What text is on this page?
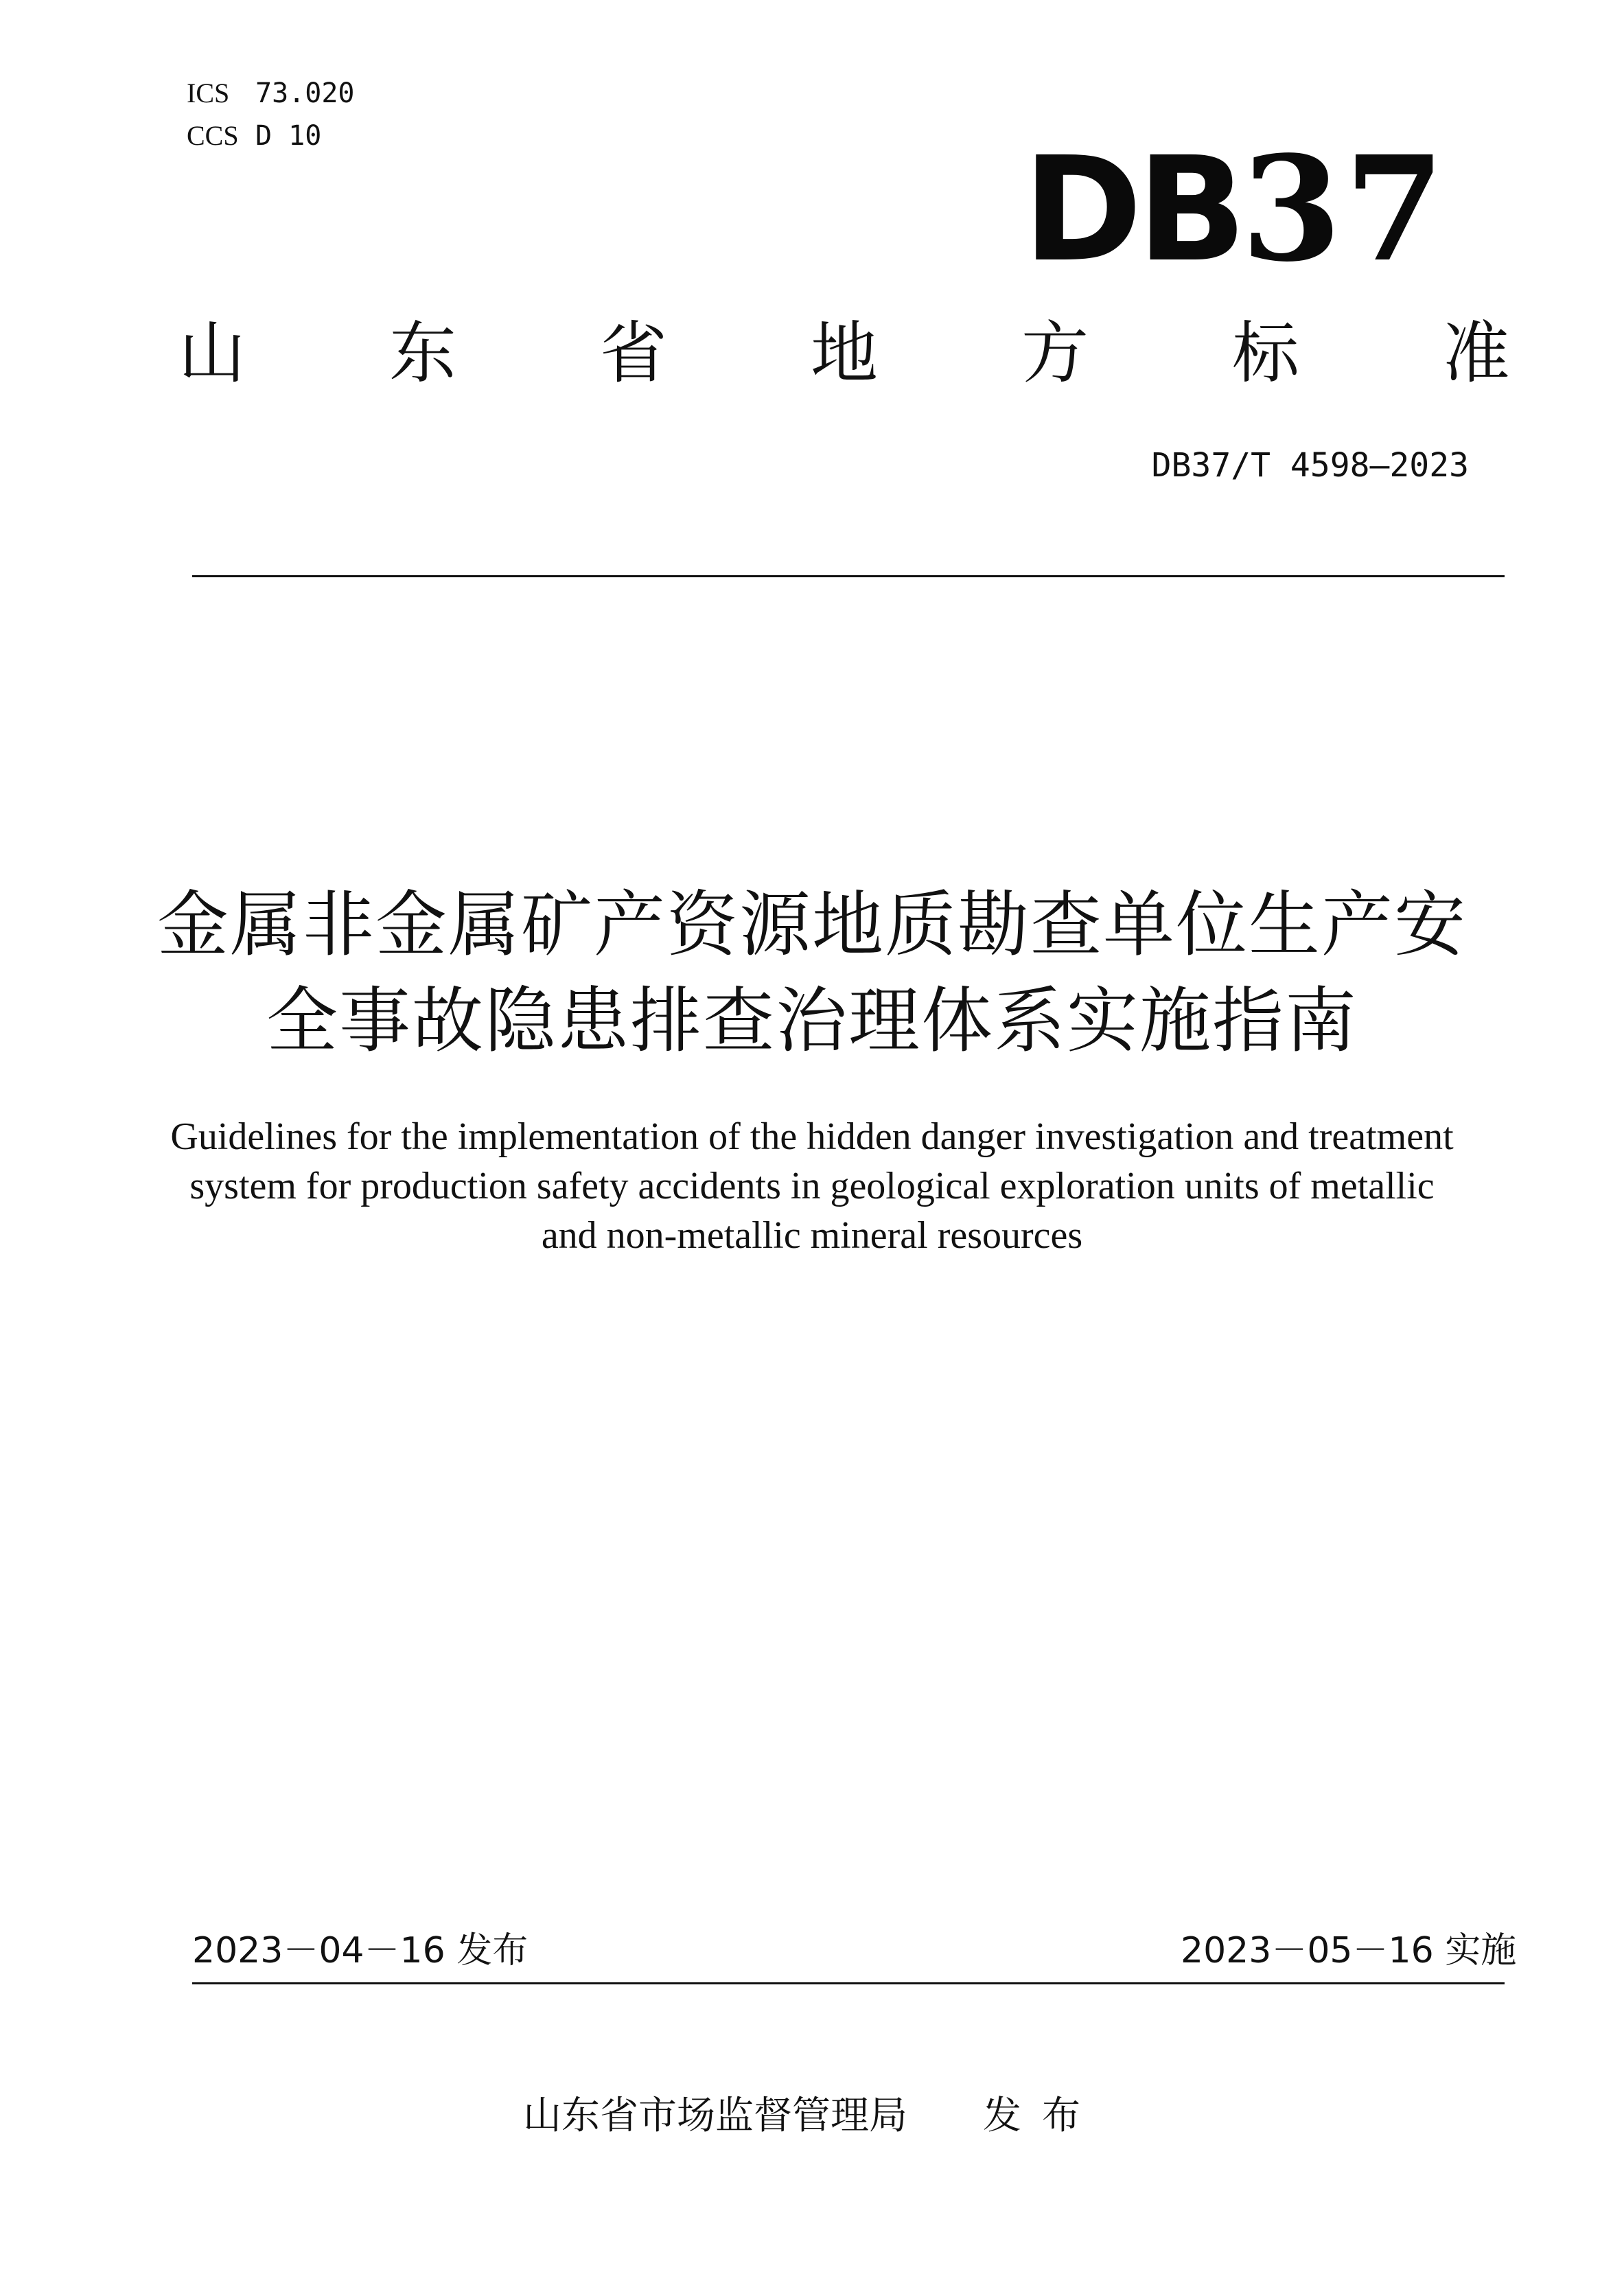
ICS 73.020
CCS D 10	DB37
山 东 省 地 方 标 准
DB37/T 4598—2023
金属非金属矿产资源地质勘查单位生产安
全事故隐患排查治理体系实施指南
Guidelines for the implementation of the hidden danger investigation and treatment system for production safety accidents in geological exploration units of metallic and non-metallic mineral resources
2023－04－16 发布	2023－05－16 实施
山东省市场监督管理局 发布
